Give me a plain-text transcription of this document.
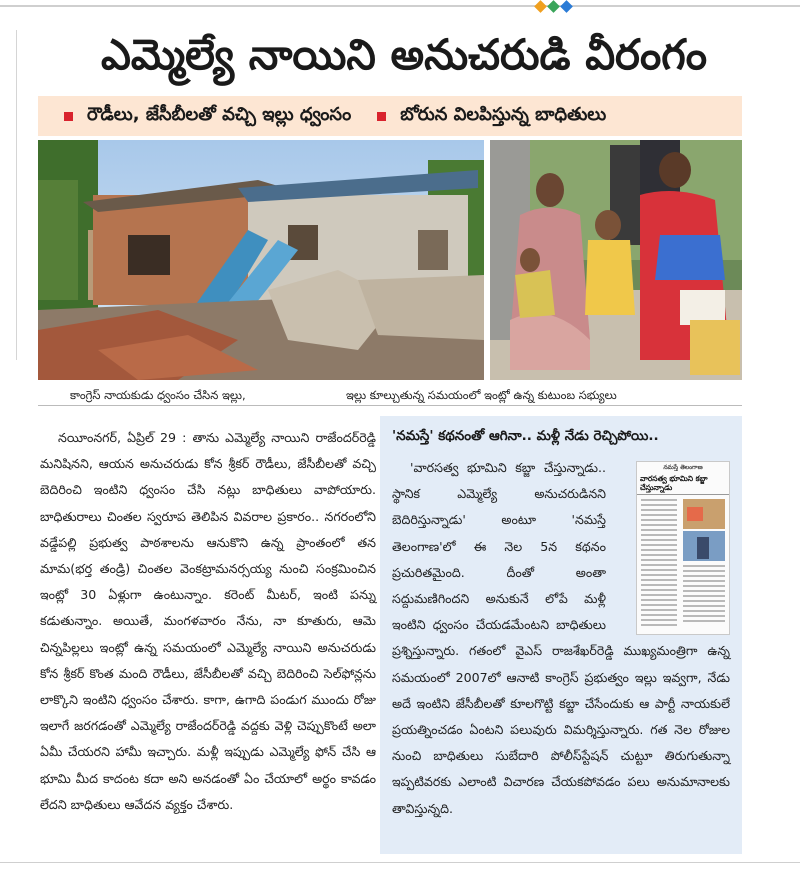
ఎమ్మెల్యే నాయిని అనుచరుడి వీరంగం
రౌడీలు, జేసీబీలతో వచ్చి ఇల్లు ధ్వంసం	బోరున విలపిస్తున్న బాధితులు
కాంగ్రెస్ నాయకుడు ధ్వంసం చేసిన ఇల్లు,	ఇల్లు కూల్చుతున్న సమయంలో ఇంట్లో ఉన్న కుటుంబ సభ్యులు

నయీంనగర్, ఏప్రిల్ 29 : తాను ఎమ్మెల్యే నాయిని రాజేందర్‌రెడ్డి మనిషినని, ఆయన అనుచరుడు కోన శ్రీకర్ రౌడీలు, జేసీబీలతో వచ్చి బెదిరించి ఇంటిని ధ్వంసం చేసి నట్లు బాధితులు వాపోయారు. బాధితురాలు చింతల స్వరూప తెలిపిన వివరాల ప్రకారం.. నగరంలోని వడ్డేపల్లి ప్రభుత్వ పాఠశాలను ఆనుకొని ఉన్న ప్రాంతంలో తన మామ(భర్త తండ్రి) చింతల వెంకట్రామనర్సయ్య నుంచి సంక్రమించిన ఇంట్లో 30 ఏళ్లుగా ఉంటున్నాం. కరెంట్ మీటర్, ఇంటి పన్ను కడుతున్నాం. అయితే, మంగళవారం నేను, నా కూతురు, ఆమె చిన్నపిల్లలు ఇంట్లో ఉన్న సమయంలో ఎమ్మెల్యే నాయిని అనుచరుడు కోన శ్రీకర్ కొంత మంది రౌడీలు, జేసీబీలతో వచ్చి బెదిరించి సెల్‌ఫోన్లను లాక్కొని ఇంటిని ధ్వంసం చేశారు. కాగా, ఉగాది పండుగ ముందు రోజు ఇలాగే జరగడంతో ఎమ్మెల్యే రాజేందర్‌రెడ్డి వద్దకు వెళ్లి చెప్పుకొంటే అలా ఏమీ చేయరని హామీ ఇచ్చారు. మళ్లీ ఇప్పుడు ఎమ్మెల్యే ఫోన్ చేసి ఆ భూమి మీద కాదంట కదా అని అనడంతో ఏం చేయాలో అర్థం కావడం లేదని బాధితులు ఆవేదన వ్యక్తం చేశారు.

'నమస్తే' కథనంతో ఆగినా.. మళ్లీ నేడు రెచ్చిపోయి..

'వారసత్వ భూమిని కబ్జా చేస్తున్నాడు.. స్థానిక ఎమ్మెల్యే అనుచరుడినని బెదిరిస్తున్నాడు' అంటూ 'నమస్తే తెలంగాణ'లో ఈ నెల 5న కథనం ప్రచురితమైంది. దీంతో అంతా సద్దుమణిగిందని అనుకునే లోపే మళ్లీ ఇంటిని ధ్వంసం చేయడమేంటని బాధితులు ప్రశ్నిస్తున్నారు. గతంలో వైఎస్ రాజశేఖర్‌రెడ్డి ముఖ్యమంత్రిగా ఉన్న సమయంలో 2007లో ఆనాటి కాంగ్రెస్ ప్రభుత్వం ఇల్లు ఇవ్వగా, నేడు అదే ఇంటిని జేసీబీలతో కూలగొట్టి కబ్జా చేసేందుకు ఆ పార్టీ నాయకులే ప్రయత్నించడం ఏంటని పలువురు విమర్శిస్తున్నారు. గత నెల రోజుల నుంచి బాధితులు సుబేదారి పోలీస్‌స్టేషన్ చుట్టూ తిరుగుతున్నా ఇప్పటివరకు ఎలాంటి విచారణ చేయకపోవడం పలు అనుమానాలకు తావిస్తున్నది.

నమస్తే తెలంగాణ
వారసత్వ భూమిని కబ్జా చేస్తున్నాడు
